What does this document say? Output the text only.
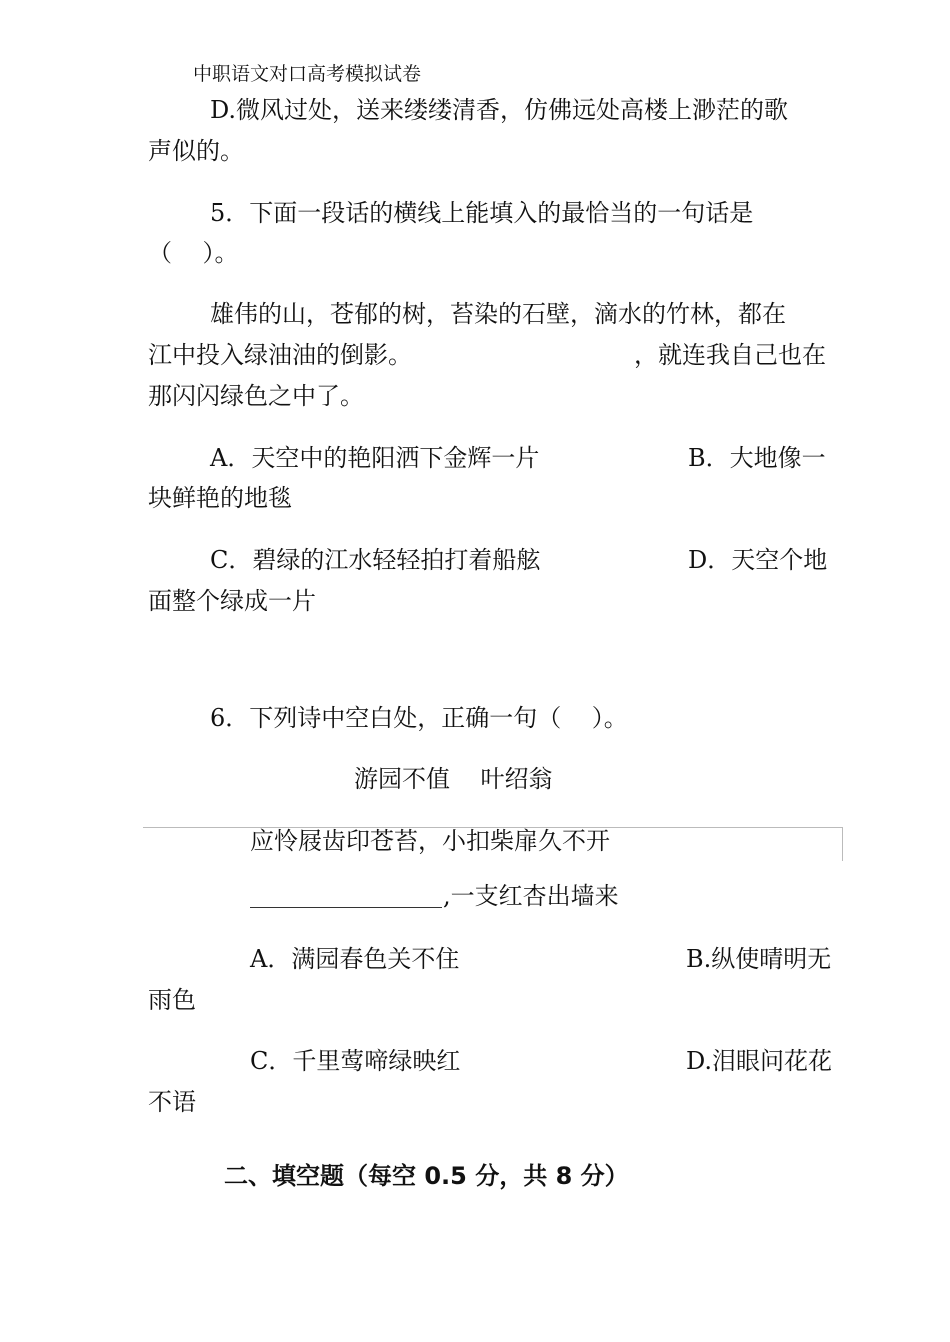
中职语文对口高考模拟试卷
D.微风过处，送来缕缕清香，仿佛远处高楼上渺茫的歌
声似的。
5．下面一段话的横线上能填入的最恰当的一句话是
（    ）。
雄伟的山，苍郁的树，苔染的石壁，滴水的竹林，都在
江中投入绿油油的倒影。	，就连我自己也在
那闪闪绿色之中了。
A．天空中的艳阳洒下金辉一片	B．大地像一
块鲜艳的地毯
C．碧绿的江水轻轻拍打着船舷	D．天空个地
面整个绿成一片
6．下列诗中空白处，正确一句（    ）。
游园不值    叶绍翁
应怜屐齿印苍苔，小扣柴扉久不开
,一支红杏出墙来
A．满园春色关不住	B.纵使晴明无
雨色
C．千里莺啼绿映红	D.泪眼问花花
不语
二、填空题（每空 0.5 分，共 8 分）
